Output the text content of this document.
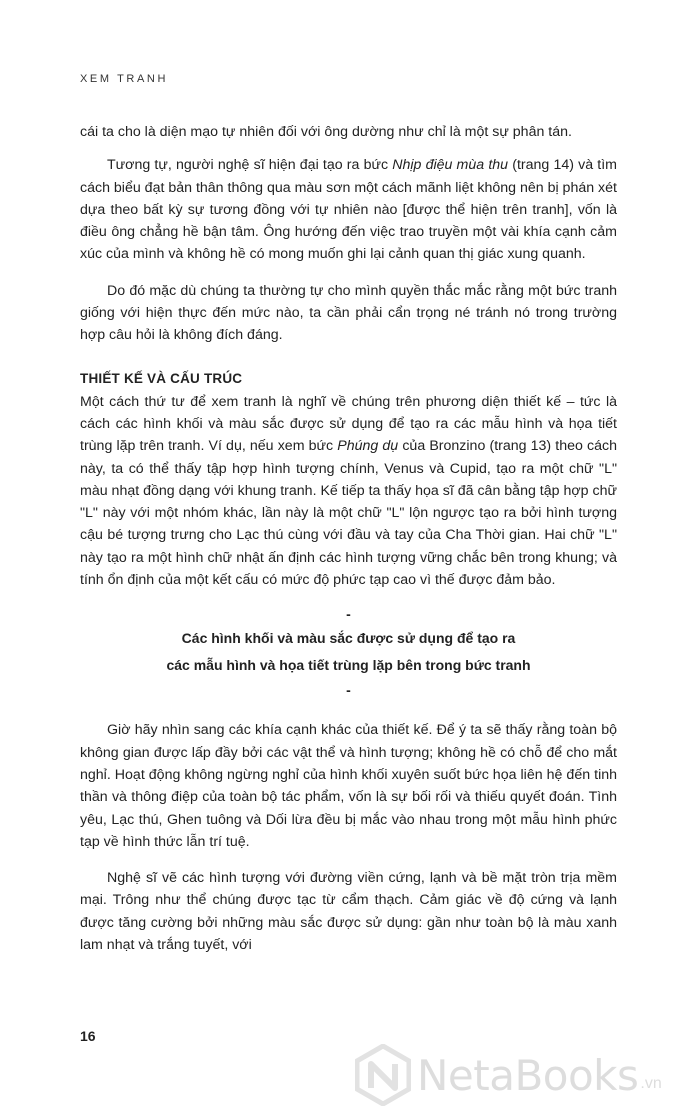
XEM TRANH

cái ta cho là diện mạo tự nhiên đối với ông dường như chỉ là một sự phân tán.

Tương tự, người nghệ sĩ hiện đại tạo ra bức Nhịp điệu mùa thu (trang 14) và tìm cách biểu đạt bản thân thông qua màu sơn một cách mãnh liệt không nên bị phán xét dựa theo bất kỳ sự tương đồng với tự nhiên nào [được thể hiện trên tranh], vốn là điều ông chẳng hề bận tâm. Ông hướng đến việc trao truyền một vài khía cạnh cảm xúc của mình và không hề có mong muốn ghi lại cảnh quan thị giác xung quanh.

Do đó mặc dù chúng ta thường tự cho mình quyền thắc mắc rằng một bức tranh giống với hiện thực đến mức nào, ta cần phải cẩn trọng né tránh nó trong trường hợp câu hỏi là không đích đáng.

THIẾT KẾ VÀ CẤU TRÚC

Một cách thứ tư để xem tranh là nghĩ về chúng trên phương diện thiết kế – tức là cách các hình khối và màu sắc được sử dụng để tạo ra các mẫu hình và họa tiết trùng lặp trên tranh. Ví dụ, nếu xem bức Phúng dụ của Bronzino (trang 13) theo cách này, ta có thể thấy tập hợp hình tượng chính, Venus và Cupid, tạo ra một chữ "L" màu nhạt đồng dạng với khung tranh. Kế tiếp ta thấy họa sĩ đã cân bằng tập hợp chữ "L" này với một nhóm khác, lần này là một chữ "L" lộn ngược tạo ra bởi hình tượng cậu bé tượng trưng cho Lạc thú cùng với đầu và tay của Cha Thời gian. Hai chữ "L" này tạo ra một hình chữ nhật ấn định các hình tượng vững chắc bên trong khung; và tính ổn định của một kết cấu có mức độ phức tạp cao vì thế được đảm bảo.

-
Các hình khối và màu sắc được sử dụng để tạo ra
các mẫu hình và họa tiết trùng lặp bên trong bức tranh
-

Giờ hãy nhìn sang các khía cạnh khác của thiết kế. Để ý ta sẽ thấy rằng toàn bộ không gian được lấp đầy bởi các vật thể và hình tượng; không hề có chỗ để cho mắt nghỉ. Hoạt động không ngừng nghỉ của hình khối xuyên suốt bức họa liên hệ đến tinh thần và thông điệp của toàn bộ tác phẩm, vốn là sự bối rối và thiếu quyết đoán. Tình yêu, Lạc thú, Ghen tuông và Dối lừa đều bị mắc vào nhau trong một mẫu hình phức tạp về hình thức lẫn trí tuệ.

Nghệ sĩ vẽ các hình tượng với đường viền cứng, lạnh và bề mặt tròn trịa mềm mại. Trông như thể chúng được tạc từ cẩm thạch. Cảm giác về độ cứng và lạnh được tăng cường bởi những màu sắc được sử dụng: gần như toàn bộ là màu xanh lam nhạt và trắng tuyết, với

16
NetaBooks .vn
